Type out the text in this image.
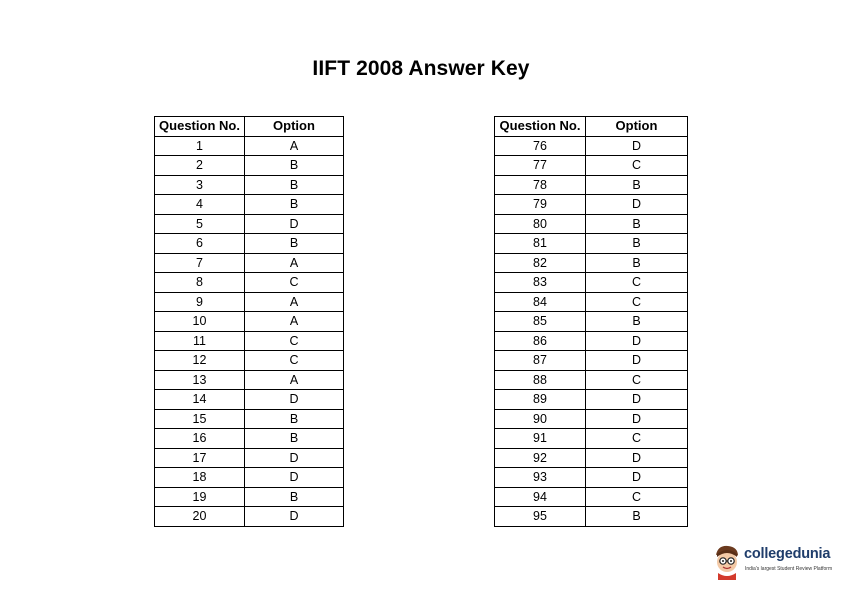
IIFT 2008 Answer Key
Question No.	Option
1	A
2	B
3	B
4	B
5	D
6	B
7	A
8	C
9	A
10	A
11	C
12	C
13	A
14	D
15	B
16	B
17	D
18	D
19	B
20	D
Question No.	Option
76	D
77	C
78	B
79	D
80	B
81	B
82	B
83	C
84	C
85	B
86	D
87	D
88	C
89	D
90	D
91	C
92	D
93	D
94	C
95	B
collegedunia
India's largest Student Review Platform
